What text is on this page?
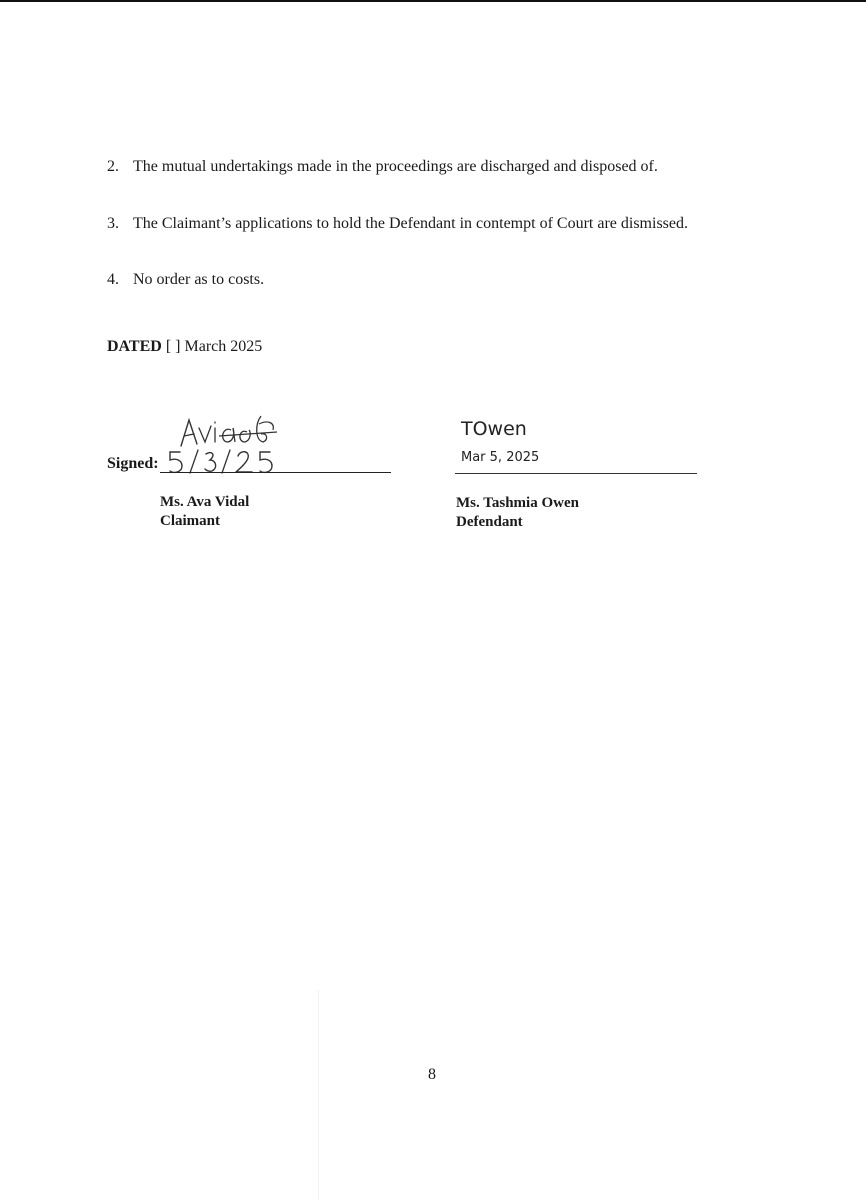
2. The mutual undertakings made in the proceedings are discharged and disposed of.
3. The Claimant’s applications to hold the Defendant in contempt of Court are dismissed.
4. No order as to costs.
DATED [ ] March 2025
Signed:
TOwen
Mar 5, 2025
Ms. Ava Vidal
Claimant
Ms. Tashmia Owen
Defendant
8
